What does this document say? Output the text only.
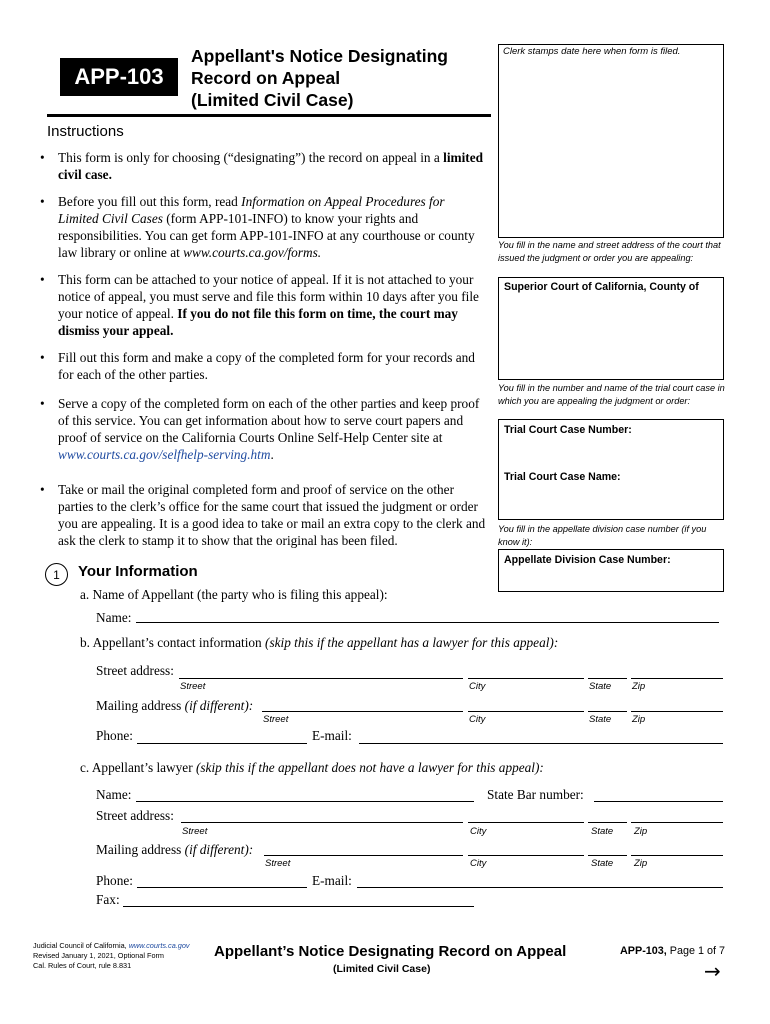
APP-103
Appellant's Notice Designating
Record on Appeal
(Limited Civil Case)
Clerk stamps date here when form is filed.
You fill in the name and street address of the court that issued the judgment or order you are appealing:
Superior Court of California, County of
You fill in the number and name of the trial court case in which you are appealing the judgment or order:
Trial Court Case Number:
Trial Court Case Name:
You fill in the appellate division case number (if you know it):
Appellate Division Case Number:
Instructions
• This form is only for choosing (“designating”) the record on appeal in a limited civil case.
• Before you fill out this form, read Information on Appeal Procedures for Limited Civil Cases (form APP-101-INFO) to know your rights and responsibilities. You can get form APP-101-INFO at any courthouse or county law library or online at www.courts.ca.gov/forms.
• This form can be attached to your notice of appeal. If it is not attached to your notice of appeal, you must serve and file this form within 10 days after you file your notice of appeal. If you do not file this form on time, the court may dismiss your appeal.
• Fill out this form and make a copy of the completed form for your records and for each of the other parties.
• Serve a copy of the completed form on each of the other parties and keep proof of this service. You can get information about how to serve court papers and proof of service on the California Courts Online Self-Help Center site at www.courts.ca.gov/selfhelp-serving.htm.
• Take or mail the original completed form and proof of service on the other parties to the clerk’s office for the same court that issued the judgment or order you are appealing. It is a good idea to take or mail an extra copy to the clerk and ask the clerk to stamp it to show that the original has been filed.
1	Your Information
a. Name of Appellant (the party who is filing this appeal):
Name:
b. Appellant’s contact information (skip this if the appellant has a lawyer for this appeal):
Street address:
Street	City	State Zip
Mailing address (if different):
Street	City	State Zip
Phone:	E-mail:
c. Appellant’s lawyer (skip this if the appellant does not have a lawyer for this appeal):
Name:	State Bar number:
Street address:
Street	City	State Zip
Mailing address (if different):
Street	City	State Zip
Phone:	E-mail:
Fax:
Judicial Council of California, www.courts.ca.gov
Revised January 1, 2021, Optional Form
Cal. Rules of Court, rule 8.831
Appellant’s Notice Designating Record on Appeal
(Limited Civil Case)
APP-103, Page 1 of 7
→
